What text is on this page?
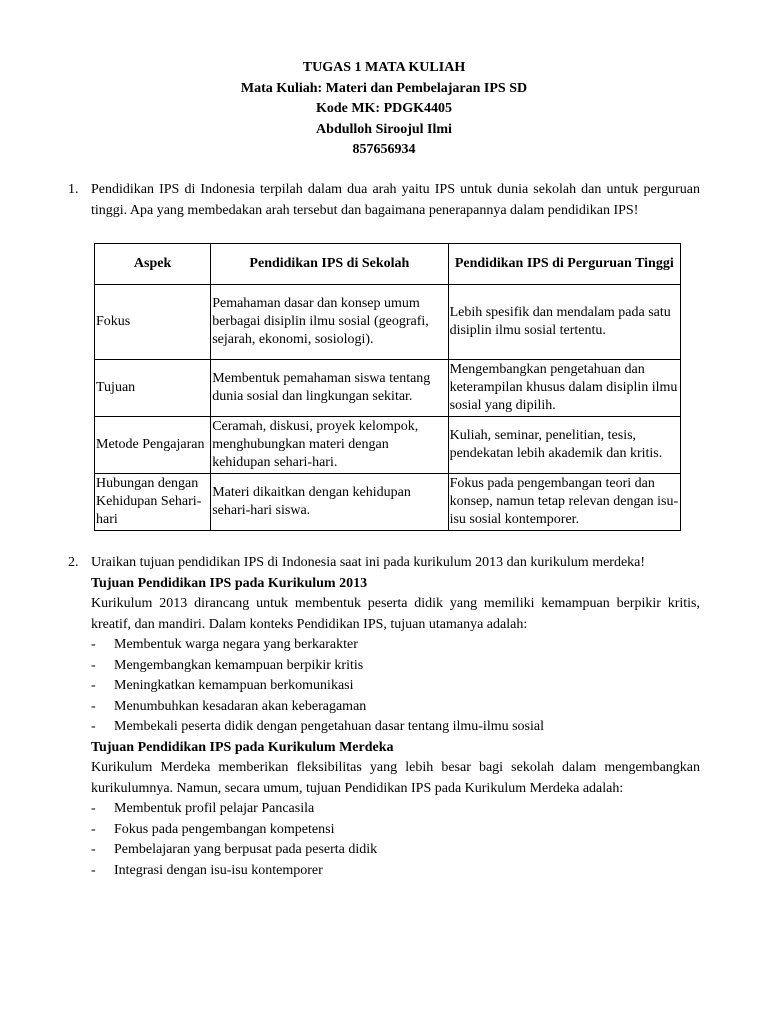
TUGAS 1 MATA KULIAH
Mata Kuliah: Materi dan Pembelajaran IPS SD
Kode MK: PDGK4405
Abdulloh Siroojul Ilmi
857656934
1. Pendidikan IPS di Indonesia terpilah dalam dua arah yaitu IPS untuk dunia sekolah dan untuk perguruan tinggi. Apa yang membedakan arah tersebut dan bagaimana penerapannya dalam pendidikan IPS!
Aspek	Pendidikan IPS di Sekolah	Pendidikan IPS di Perguruan Tinggi
Fokus	Pemahaman dasar dan konsep umum berbagai disiplin ilmu sosial (geografi, sejarah, ekonomi, sosiologi).	Lebih spesifik dan mendalam pada satu disiplin ilmu sosial tertentu.
Tujuan	Membentuk pemahaman siswa tentang dunia sosial dan lingkungan sekitar.	Mengembangkan pengetahuan dan keterampilan khusus dalam disiplin ilmu sosial yang dipilih.
Metode Pengajaran	Ceramah, diskusi, proyek kelompok, menghubungkan materi dengan kehidupan sehari-hari.	Kuliah, seminar, penelitian, tesis, pendekatan lebih akademik dan kritis.
Hubungan dengan Kehidupan Sehari-hari	Materi dikaitkan dengan kehidupan sehari-hari siswa.	Fokus pada pengembangan teori dan konsep, namun tetap relevan dengan isu-isu sosial kontemporer.
2. Uraikan tujuan pendidikan IPS di Indonesia saat ini pada kurikulum 2013 dan kurikulum merdeka!
Tujuan Pendidikan IPS pada Kurikulum 2013
Kurikulum 2013 dirancang untuk membentuk peserta didik yang memiliki kemampuan berpikir kritis, kreatif, dan mandiri. Dalam konteks Pendidikan IPS, tujuan utamanya adalah:
- Membentuk warga negara yang berkarakter
- Mengembangkan kemampuan berpikir kritis
- Meningkatkan kemampuan berkomunikasi
- Menumbuhkan kesadaran akan keberagaman
- Membekali peserta didik dengan pengetahuan dasar tentang ilmu-ilmu sosial
Tujuan Pendidikan IPS pada Kurikulum Merdeka
Kurikulum Merdeka memberikan fleksibilitas yang lebih besar bagi sekolah dalam mengembangkan kurikulumnya. Namun, secara umum, tujuan Pendidikan IPS pada Kurikulum Merdeka adalah:
- Membentuk profil pelajar Pancasila
- Fokus pada pengembangan kompetensi
- Pembelajaran yang berpusat pada peserta didik
- Integrasi dengan isu-isu kontemporer
